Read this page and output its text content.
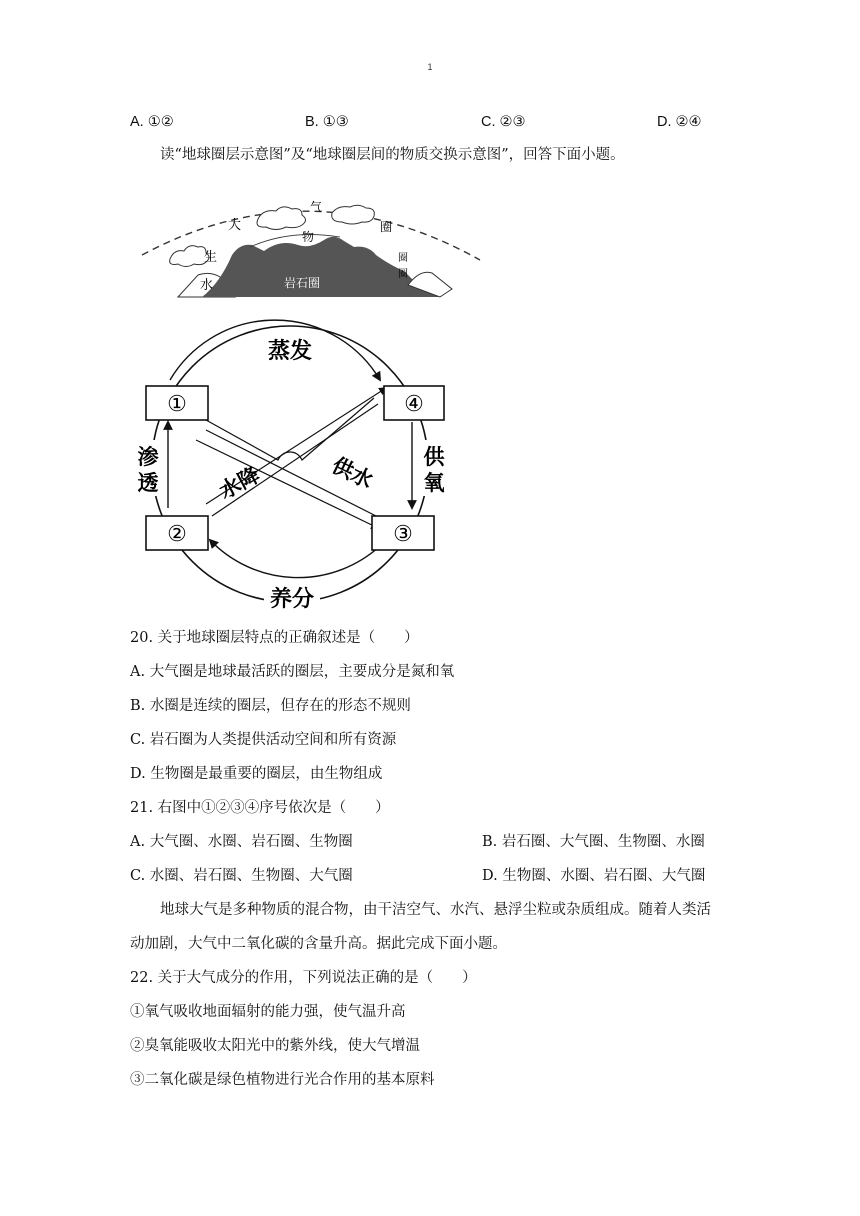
1
A. ①②	B. ①③	C. ②③	D. ②④
读“地球圈层示意图”及“地球圈层间的物质交换示意图”，回答下面小题。
大
气
圈
物
生
水	岩石圈
圈
圈
①
②	③
④
蒸发
养分
渗
透
供
氧
水降	供水
20. 关于地球圈层特点的正确叙述是（　　）
A. 大气圈是地球最活跃的圈层，主要成分是氮和氧
B. 水圈是连续的圈层，但存在的形态不规则
C. 岩石圈为人类提供活动空间和所有资源
D. 生物圈是最重要的圈层，由生物组成
21. 右图中①②③④序号依次是（　　）
A. 大气圈、水圈、岩石圈、生物圈	B. 岩石圈、大气圈、生物圈、水圈
C. 水圈、岩石圈、生物圈、大气圈	D. 生物圈、水圈、岩石圈、大气圈
地球大气是多种物质的混合物，由干洁空气、水汽、悬浮尘粒或杂质组成。随着人类活
动加剧，大气中二氧化碳的含量升高。据此完成下面小题。
22. 关于大气成分的作用，下列说法正确的是（　　）
①氧气吸收地面辐射的能力强，使气温升高
②臭氧能吸收太阳光中的紫外线，使大气增温
③二氧化碳是绿色植物进行光合作用的基本原料
